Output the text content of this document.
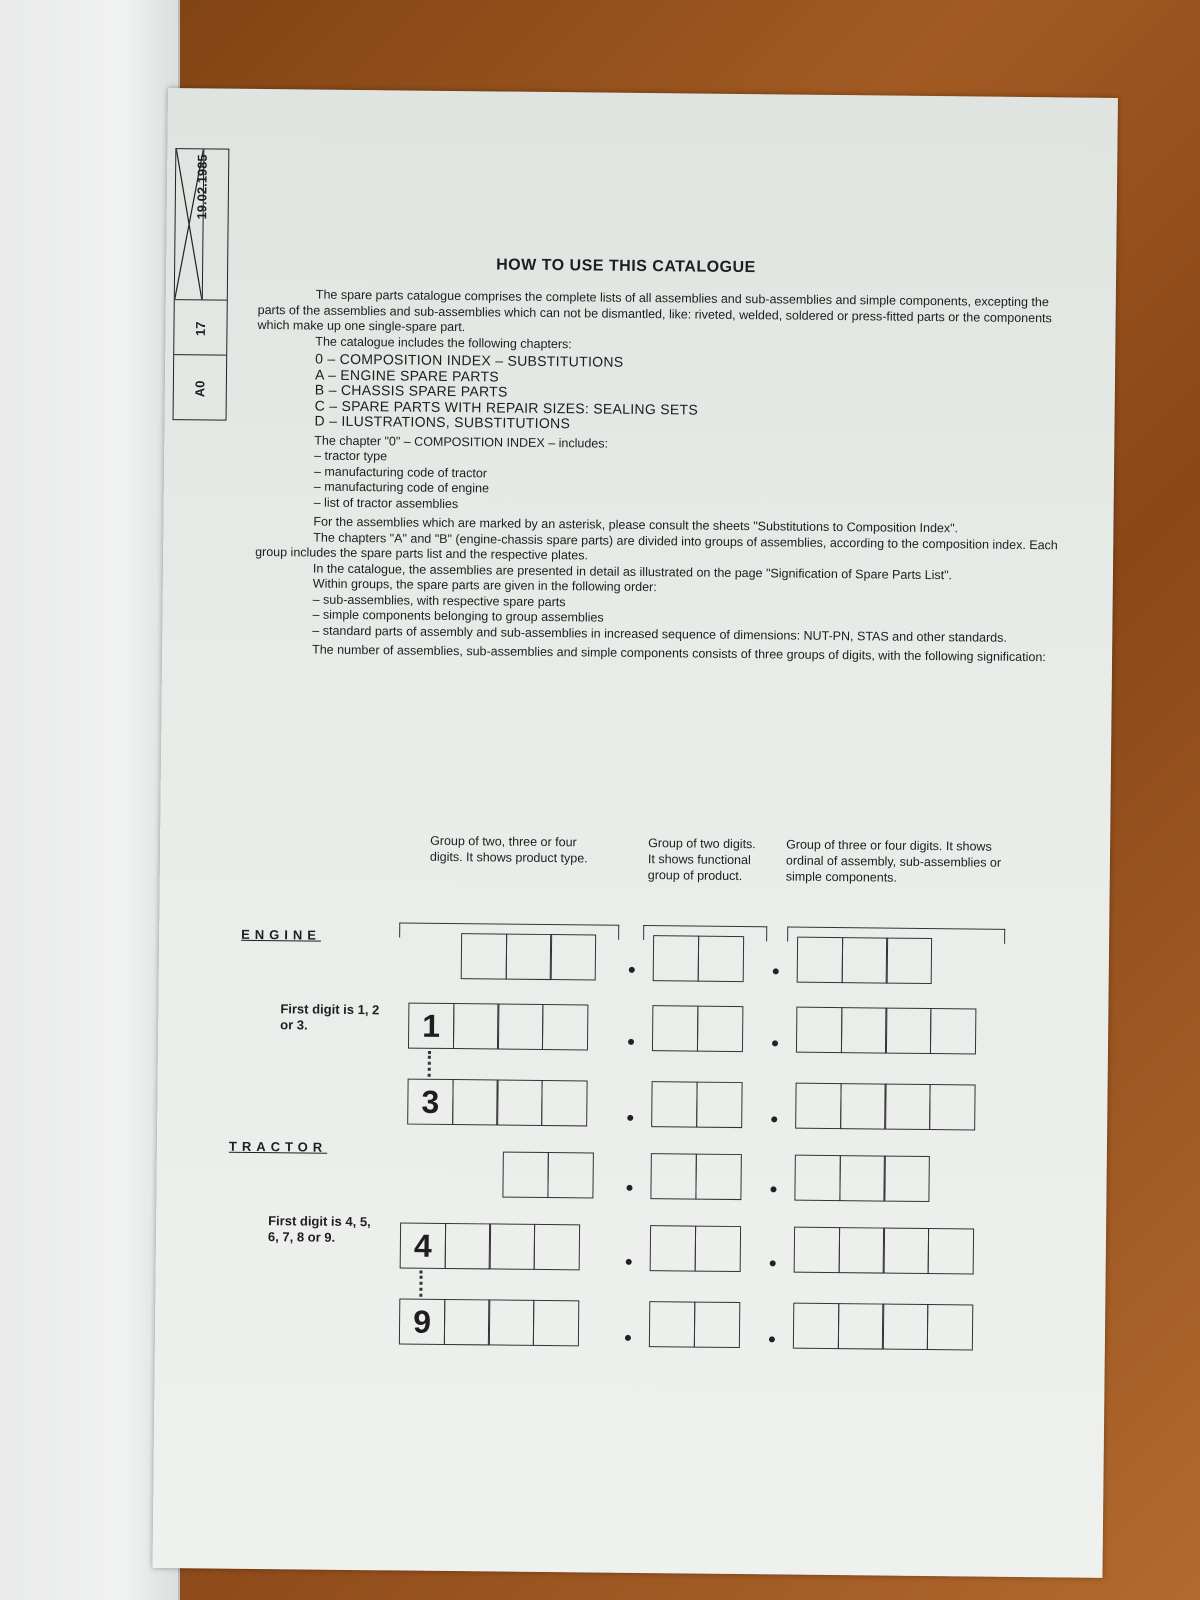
19.02.1985
17
A0
HOW TO USE THIS CATALOGUE

The spare parts catalogue comprises the complete lists of all assemblies and sub-assemblies and simple components, excepting the parts of the assemblies and sub-assemblies which can not be dismantled, like: riveted, welded, soldered or press-fitted parts or the components which make up one single-spare part.

The catalogue includes the following chapters:

0 – COMPOSITION INDEX – SUBSTITUTIONS
A – ENGINE SPARE PARTS
B – CHASSIS SPARE PARTS
C – SPARE PARTS WITH REPAIR SIZES: SEALING SETS
D – ILUSTRATIONS, SUBSTITUTIONS

The chapter "0" – COMPOSITION INDEX – includes:

– tractor type
– manufacturing code of tractor
– manufacturing code of engine
– list of tractor assemblies

For the assemblies which are marked by an asterisk, please consult the sheets "Substitutions to Composition Index".

The chapters "A" and "B" (engine-chassis spare parts) are divided into groups of assemblies, according to the composition index. Each group includes the spare parts list and the respective plates.

In the catalogue, the assemblies are presented in detail as illustrated on the page "Signification of Spare Parts List".

Within groups, the spare parts are given in the following order:

– sub-assemblies, with respective spare parts
– simple components belonging to group assemblies
– standard parts of assembly and sub-assemblies in increased sequence of dimensions: NUT-PN, STAS and other standards.

The number of assemblies, sub-assemblies and simple components consists of three groups of digits, with the following signification:

Group of two, three or four digits. It shows product type.
Group of two digits. It shows functional group of product.
Group of three or four digits. It shows ordinal of assembly, sub-assemblies or simple components.
ENGINE
First digit is 1, 2 or 3.	1
3
TRACTOR
First digit is 4, 5, 6, 7, 8 or 9.	4
9
